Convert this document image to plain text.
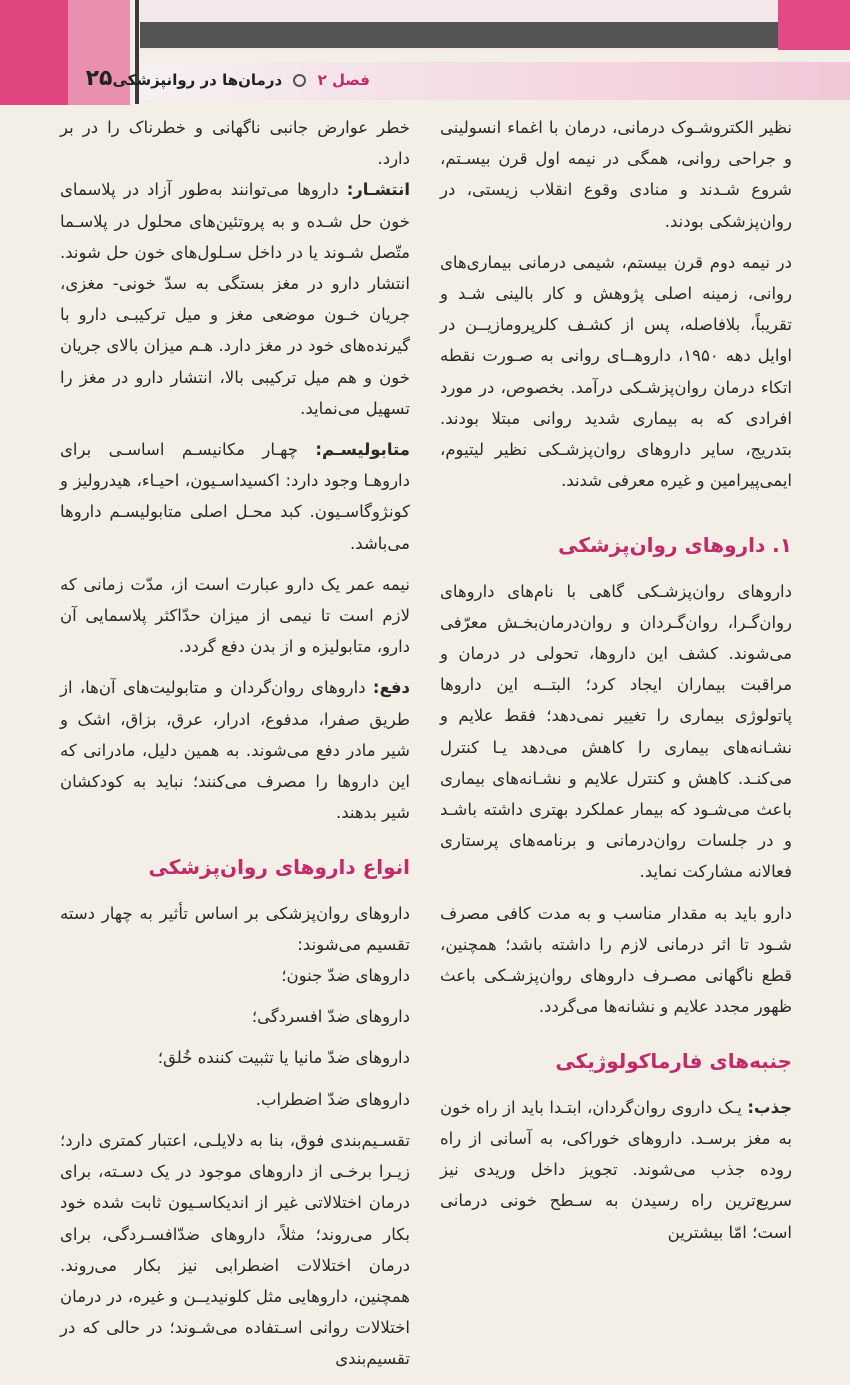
۲۵	فصل ۲  درمان‌ها در روانپزشکی

نظیر الکتروشـوک درمانی، درمان با اغماء انسولینی و جراحی روانی، همگی در نیمه اول قرن بیسـتم، شروع شـدند و منادی وقوع انقلاب زیستی، در روان‌پزشکی بودند.

در نیمه دوم قرن بیستم، شیمی درمانی بیماری‌های روانی، زمینه اصلی پژوهش و کار بالینی شـد و تقریباً، بلافاصله، پس از کشـف کلرپرومازیــن در اوایل دهه ۱۹۵۰، داروهــای روانی به صـورت نقطه اتکاء درمان روان‌پزشـکی درآمد. بخصوص، در مورد افرادی که به بیماری شدید روانی مبتلا بودند. بتدریج، سایر داروهای روان‌پزشـکی نظیر لیتیوم، ایمی‌پیرامین و غیره معرفی شدند.

۱. داروهای روان‌پزشکی

داروهای روان‌پزشـکی گاهی با نام‌های داروهای روان‌گـرا، روان‌گـردان و روان‌درمان‌بخـش معرّفی می‌شوند. کشف این داروها، تحولی در درمان و مراقبت بیماران ایجاد کرد؛ البتــه این داروها پاتولوژی بیماری را تغییر نمی‌دهد؛ فقط علایم و نشـانه‌های بیماری را کاهش می‌دهد یـا کنترل می‌کنـد. کاهش و کنترل علایم و نشـانه‌های بیماری باعث می‌شـود که بیمار عملکرد بهتری داشته باشـد و در جلسات روان‌درمانی و برنامه‌های پرستاری فعالانه مشارکت نماید.

دارو باید به مقدار مناسب و به مدت کافی مصرف شـود تا اثر درمانی لازم را داشته باشد؛ همچنین، قطع ناگهانی مصـرف داروهای روان‌پزشـکی باعث ظهور مجدد علایم و نشانه‌ها می‌گردد.

جنبه‌های فارماکولوژیکی

جذب: یـک داروی روان‌گردان، ابتـدا باید از راه خون به مغز برسـد. داروهای خوراکی، به آسانی از راه روده جذب می‌شوند. تجویز داخل وریدی نیز سریع‌ترین راه رسیدن به سـطح خونی درمانی است؛ امّا بیشترین

خطر عوارض جانبی ناگهانی و خطرناک را در بر دارد.

انتشـار: داروها می‌توانند به‌طور آزاد در پلاسمای خون حل شـده و به پروتئین‌های محلول در پلاسـما متّصل شـوند یا در داخل سـلول‌های خون حل شوند. انتشار دارو در مغز بستگی به سدّ خونی- مغزی، جریان خـون موضعی مغز و میل ترکیبـی دارو با گیرنده‌های خود در مغز دارد. هـم میزان بالای جریان خون و هم میل ترکیبی بالا، انتشار دارو در مغز را تسهیل می‌نماید.

متابولیسـم: چهـار مکانیسـم اساسـی برای داروهـا وجود دارد: اکسیداسـیون، احیـاء، هیدرولیز و کونژوگاسـیون. کبد محـل اصلی متابولیسـم داروها می‌باشد.

نیمه عمر یک دارو عبارت است از، مدّت زمانی که لازم است تا نیمی از میزان حدّاکثر پلاسمایی آن دارو، متابولیزه و از بدن دفع گردد.

دفع: داروهای روان‌گردان و متابولیت‌های آن‌ها، از طریق صفرا، مدفوع، ادرار، عرق، بزاق، اشک و شیر مادر دفع می‌شوند. به همین دلیل، مادرانی که این داروها را مصرف می‌کنند؛ نباید به کودکشان شیر بدهند.

انواع داروهای روان‌پزشکی

داروهای روان‌پزشکی بر اساس تأثیر به چهار دسته تقسیم می‌شوند:

داروهای ضدّ جنون؛

داروهای ضدّ افسردگی؛

داروهای ضدّ مانیا یا تثبیت کننده خُلق؛

داروهای ضدّ اضطراب.

تقسـیم‌بندی فوق، بنا به دلایلـی، اعتبار کمتری دارد؛ زیـرا برخـی از داروهای موجود در یک دسـته، برای درمان اختلالاتی غیر از اندیکاسـیون ثابت شده خود بکار می‌روند؛ مثلاً، داروهای ضدّافسـردگی، برای درمان اختلالات اضطرابی نیز بکار می‌روند. همچنین، داروهایی مثل کلونیدیــن و غیره، در درمان اختلالات روانی اسـتفاده می‌شـوند؛ در حالی که در تقسیم‌بندی
